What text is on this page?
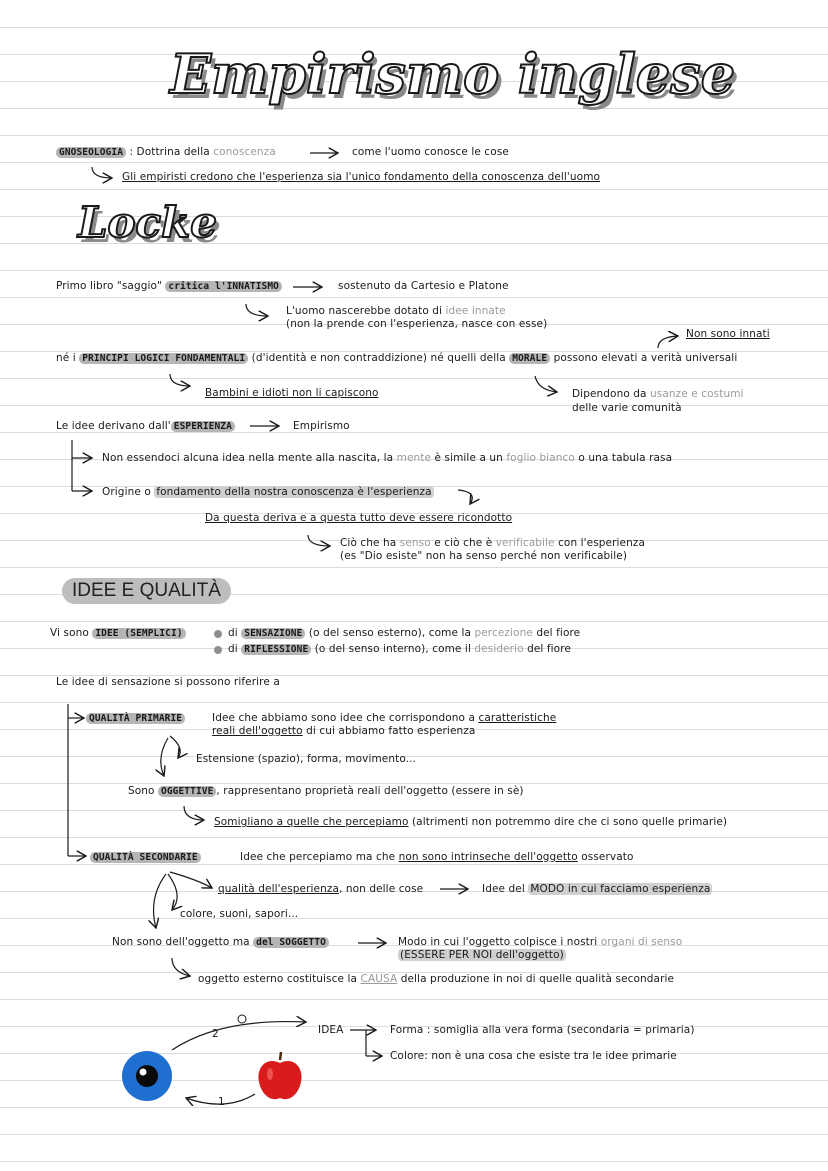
Empirismo inglese
GNOSEOLOGIA : Dottrina della conoscenza	come l'uomo conosce le cose
Gli empiristi credono che l'esperienza sia l'unico fondamento della conoscenza dell'uomo
Locke
Primo libro "saggio" critica l'INNATISMO	sostenuto da Cartesio e Platone
L'uomo nascerebbe dotato di idee innate
(non la prende con l'esperienza, nasce con esse)
Non sono innati
né i PRINCIPI LOGICI FONDAMENTALI (d'identità e non contraddizione) né quelli della MORALE possono elevati a verità universali
Bambini e idioti non li capiscono	Dipendono da usanze e costumi
delle varie comunità
Le idee derivano dall' ESPERIENZA	Empirismo
Non essendoci alcuna idea nella mente alla nascita, la mente è simile a un foglio bianco o una tabula rasa
Origine o fondamento della nostra conoscenza è l'esperienza
Da questa deriva e a questa tutto deve essere ricondotto
Ciò che ha senso e ciò che è verificabile con l'esperienza
(es "Dio esiste" non ha senso perché non verificabile)
IDEE E QUALITÀ
Vi sono IDEE (SEMPLICI)	di SENSAZIONE (o del senso esterno), come la percezione del fiore
di RIFLESSIONE (o del senso interno), come il desiderio del fiore
Le idee di sensazione si possono riferire a
QUALITÀ PRIMARIE	Idee che abbiamo sono idee che corrispondono a caratteristiche
reali dell'oggetto di cui abbiamo fatto esperienza
Estensione (spazio), forma, movimento...
Sono OGGETTIVE , rappresentano proprietà reali dell'oggetto (essere in sè)
Somigliano a quelle che percepiamo (altrimenti non potremmo dire che ci sono quelle primarie)
QUALITÀ SECONDARIE	Idee che percepiamo ma che non sono intrinseche dell'oggetto osservato
qualità dell'esperienza, non delle cose	Idee del MODO in cui facciamo esperienza
colore, suoni, sapori...
Non sono dell'oggetto ma del SOGGETTO	Modo in cui l'oggetto colpisce i nostri organi di senso
(ESSERE PER NOI dell'oggetto)
oggetto esterno costituisce la CAUSA della produzione in noi di quelle qualità secondarie
2
1
IDEA	Forma : somiglia alla vera forma (secondaria = primaria)
Colore: non è una cosa che esiste tra le idee primarie
